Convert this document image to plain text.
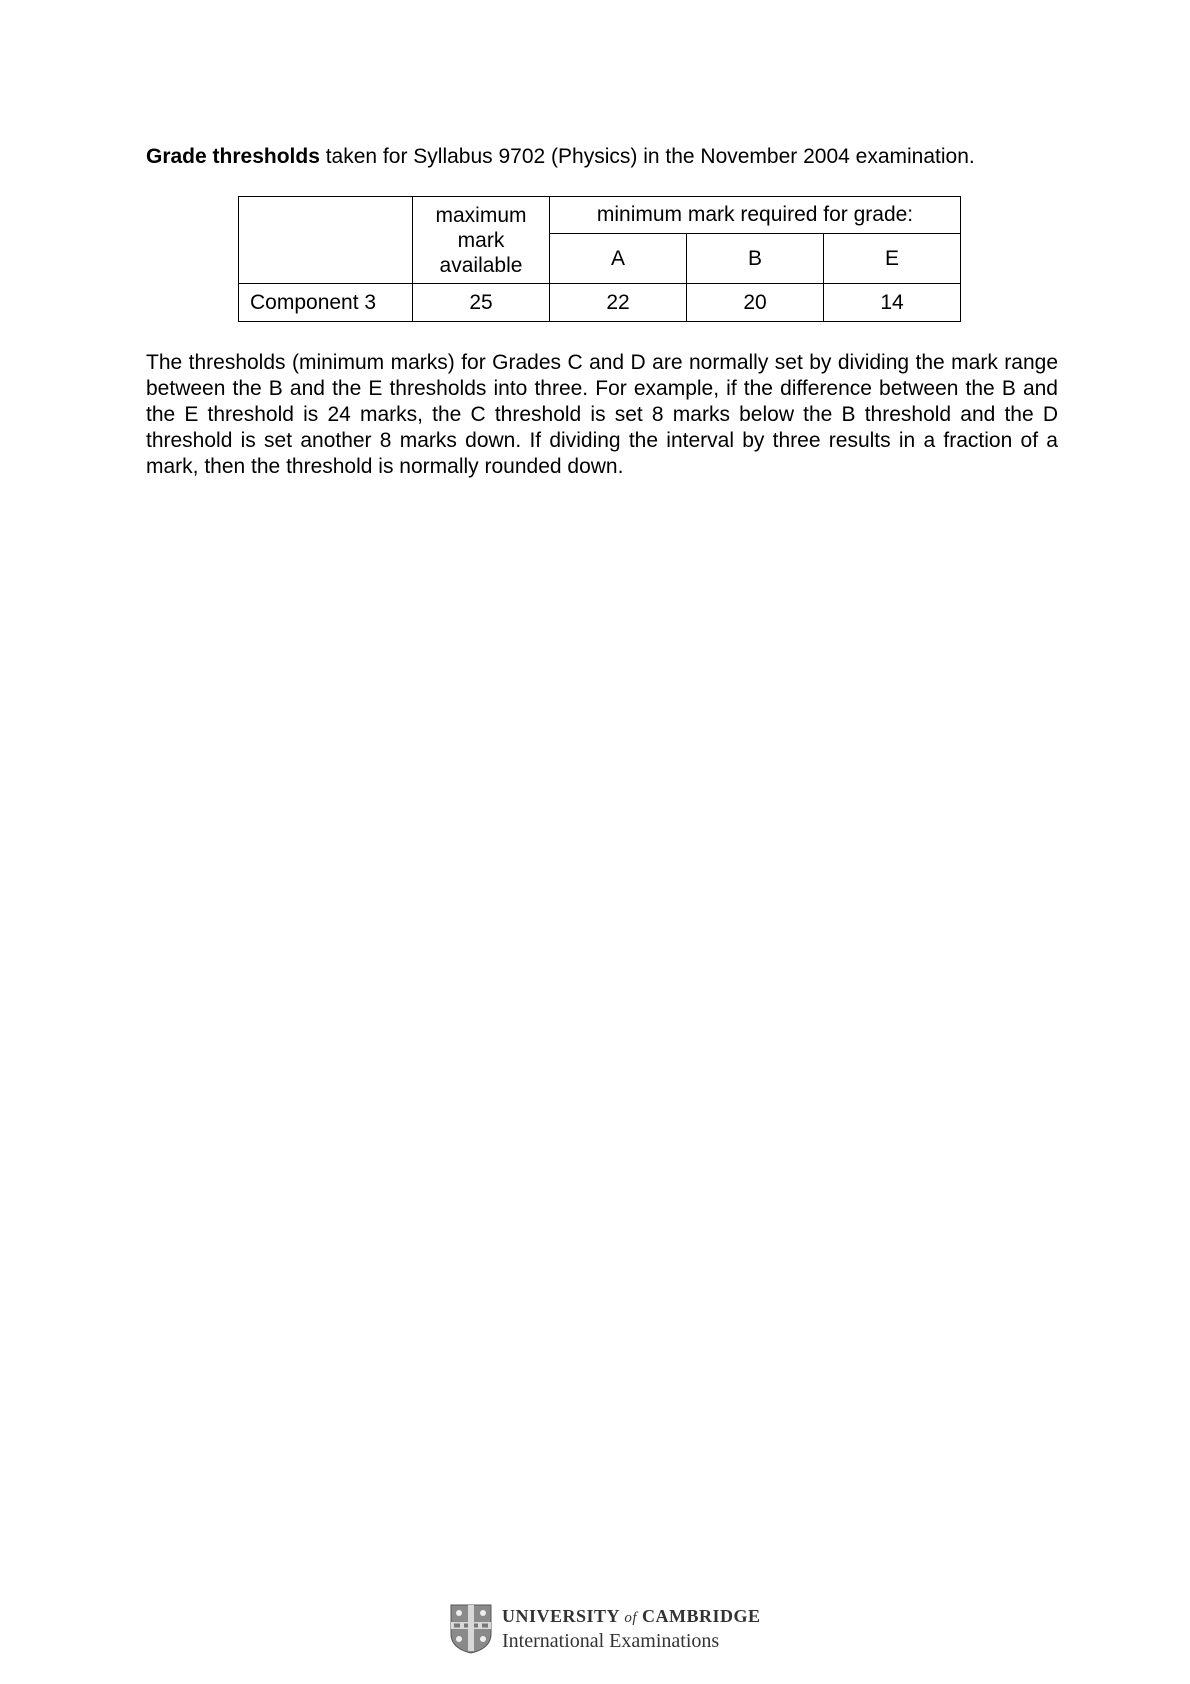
Grade thresholds taken for Syllabus 9702 (Physics) in the November 2004 examination.
	maximum
mark
available	minimum mark required for grade:		
		A	B	E
Component 3	25	22	20	14
The thresholds (minimum marks) for Grades C and D are normally set by dividing the mark range between the B and the E thresholds into three. For example, if the difference between the B and the E threshold is 24 marks, the C threshold is set 8 marks below the B threshold and the D threshold is set another 8 marks down. If dividing the interval by three results in a fraction of a mark, then the threshold is normally rounded down.
UNIVERSITY of CAMBRIDGE
International Examinations
